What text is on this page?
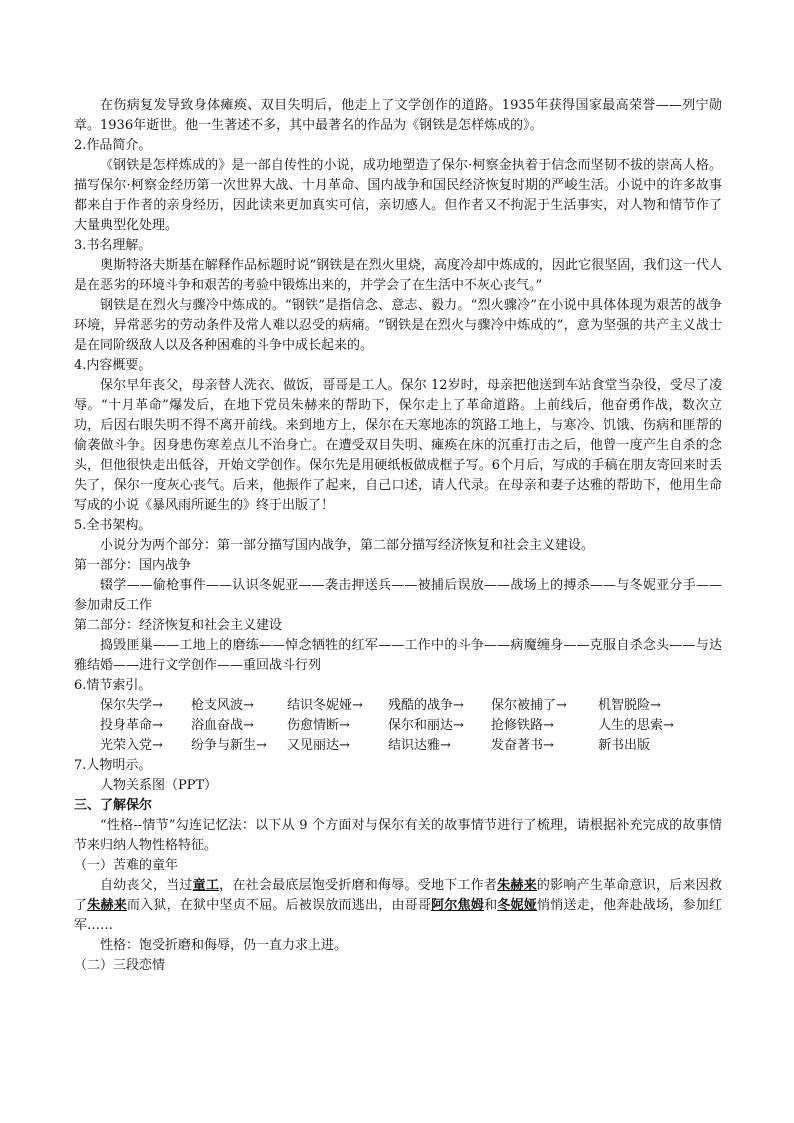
在伤病复发导致身体瘫痪、双目失明后，他走上了文学创作的道路。1935年获得国家最高荣誉——列宁勋章。1936年逝世。他一生著述不多，其中最著名的作品为《钢铁是怎样炼成的》。

2.作品简介。

《钢铁是怎样炼成的》是一部自传性的小说，成功地塑造了保尔·柯察金执着于信念而坚韧不拔的崇高人格。描写保尔·柯察金经历第一次世界大战、十月革命、国内战争和国民经济恢复时期的严峻生活。小说中的许多故事都来自于作者的亲身经历，因此读来更加真实可信，亲切感人。但作者又不拘泥于生活事实，对人物和情节作了大量典型化处理。

3.书名理解。

奥斯特洛夫斯基在解释作品标题时说“钢铁是在烈火里烧，高度冷却中炼成的，因此它很坚固，我们这一代人是在恶劣的环境斗争和艰苦的考验中锻炼出来的，并学会了在生活中不灰心丧气。”

钢铁是在烈火与骤冷中炼成的。“钢铁”是指信念、意志、毅力。“烈火骤冷”在小说中具体体现为艰苦的战争环境，异常恶劣的劳动条件及常人难以忍受的病痛。“钢铁是在烈火与骤冷中炼成的”，意为坚强的共产主义战士是在同阶级敌人以及各种困难的斗争中成长起来的。

4.内容概要。

保尔早年丧父，母亲替人洗衣、做饭，哥哥是工人。保尔 12岁时，母亲把他送到车站食堂当杂役，受尽了凌辱。“十月革命”爆发后，在地下党员朱赫来的帮助下，保尔走上了革命道路。上前线后，他奋勇作战，数次立功，后因右眼失明不得不离开前线。来到地方上，保尔在天寒地冻的筑路工地上，与寒冷、饥饿、伤病和匪帮的偷袭做斗争。因身患伤寒差点儿不治身亡。在遭受双目失明、瘫痪在床的沉重打击之后，他曾一度产生自杀的念头，但他很快走出低谷，开始文学创作。保尔先是用硬纸板做成框子写。6个月后，写成的手稿在朋友寄回来时丢失了，保尔一度灰心丧气。后来，他振作了起来，自己口述，请人代录。在母亲和妻子达雅的帮助下，他用生命写成的小说《暴风雨所诞生的》终于出版了！

5.全书架构。

小说分为两个部分：第一部分描写国内战争，第二部分描写经济恢复和社会主义建设。

第一部分：国内战争

辍学——偷枪事件——认识冬妮亚——袭击押送兵——被捕后误放——战场上的搏杀——与冬妮亚分手——参加肃反工作

第二部分：经济恢复和社会主义建设

捣毁匪巢——工地上的磨练——悼念牺牲的红军——工作中的斗争——病魔缠身——克服自杀念头——与达雅结婚——进行文学创作——重回战斗行列

6.情节索引。

保尔失学→	枪支风波→	结识冬妮娅→	残酷的战争→	保尔被捕了→	机智脱险→
投身革命→	浴血奋战→	伤愈情断→	保尔和丽达→	抢修铁路→	人生的思索→
光荣入党→	纷争与新生→	又见丽达→	结识达雅→	发奋著书→	新书出版

7.人物明示。

人物关系图（PPT）

三、了解保尔

“性格--情节”勾连记忆法：以下从 9 个方面对与保尔有关的故事情节进行了梳理，请根据补充完成的故事情节来归纳人物性格特征。

（一）苦难的童年

自幼丧父，当过童工，在社会最底层饱受折磨和侮辱。受地下工作者朱赫来的影响产生革命意识，后来因救了朱赫来而入狱，在狱中坚贞不屈。后被误放而逃出，由哥哥阿尔焦姆和冬妮娅悄悄送走，他奔赴战场，参加红军……

性格：饱受折磨和侮辱，仍一直力求上进。

（二）三段恋情
